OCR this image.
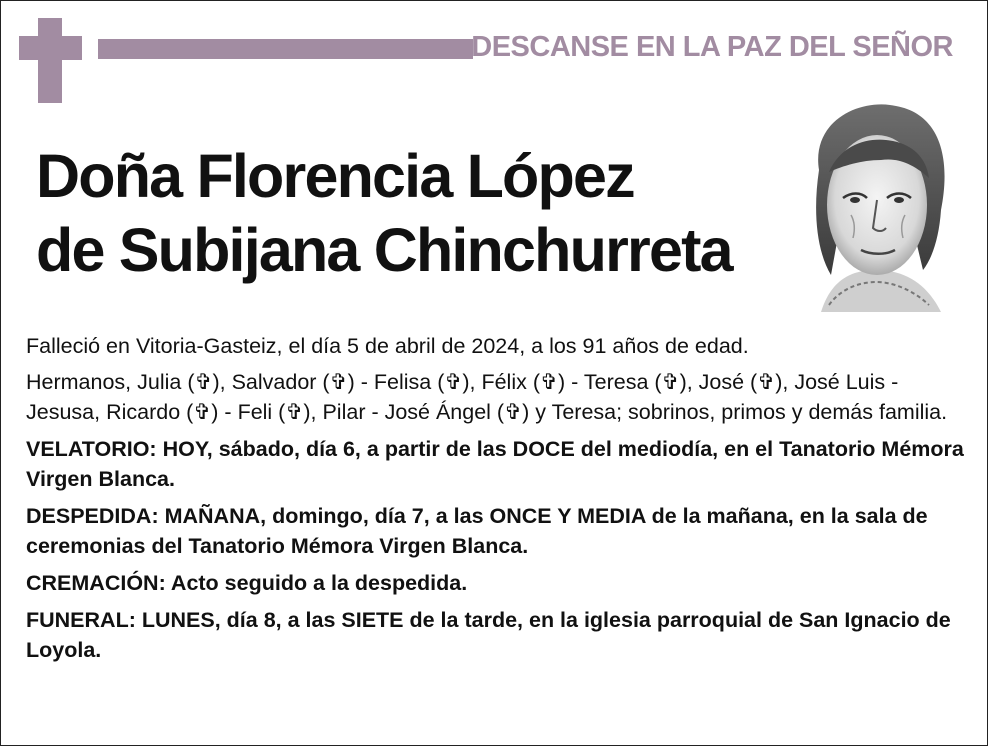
DESCANSE EN LA PAZ DEL SEÑOR
Doña Florencia López
de Subijana Chinchurreta

Falleció en Vitoria-Gasteiz, el día 5 de abril de 2024, a los 91 años de edad.

Hermanos, Julia (✞), Salvador (✞) - Felisa (✞), Félix (✞) - Teresa (✞), José (✞), José Luis - Jesusa, Ricardo (✞) - Feli (✞), Pilar - José Ángel (✞) y Teresa; sobrinos, primos y demás familia.

VELATORIO: HOY, sábado, día 6, a partir de las DOCE del mediodía, en el Tanatorio Mémora Virgen Blanca.

DESPEDIDA: MAÑANA, domingo, día 7, a las ONCE Y MEDIA de la mañana, en la sala de ceremonias del Tanatorio Mémora Virgen Blanca.

CREMACIÓN: Acto seguido a la despedida.

FUNERAL: LUNES, día 8, a las SIETE de la tarde, en la iglesia parroquial de San Ignacio de Loyola.
